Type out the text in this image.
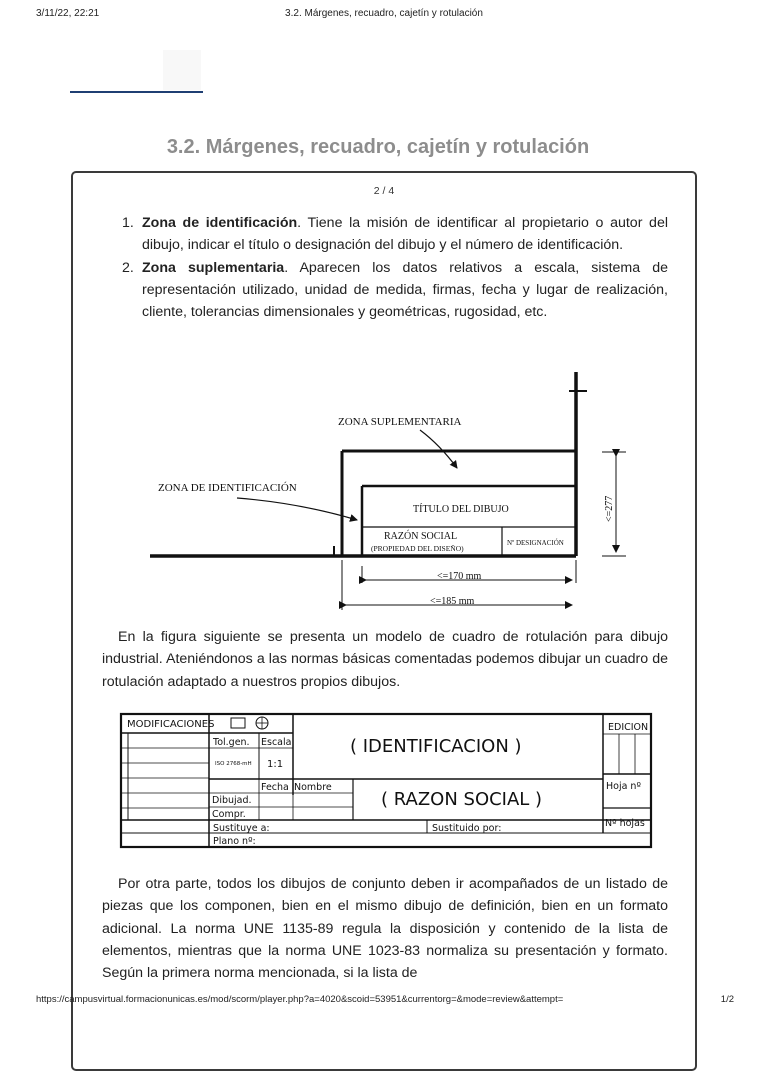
3/11/22, 22:21	3.2. Márgenes, recuadro, cajetín y rotulación
3.2. Márgenes, recuadro, cajetín y rotulación
2 / 4
1. Zona de identificación. Tiene la misión de identificar al propietario o autor del dibujo, indicar el título o designación del dibujo y el número de identificación.
2. Zona suplementaria. Aparecen los datos relativos a escala, sistema de representación utilizado, unidad de medida, firmas, fecha y lugar de realización, cliente, tolerancias dimensionales y geométricas, rugosidad, etc.
ZONA SUPLEMENTARIA
ZONA DE IDENTIFICACIÓN
TÍTULO DEL DIBUJO
RAZÓN SOCIAL
(PROPIEDAD DEL DISEÑO)
Nº DESIGNACIÓN
<=170 mm
<=185 mm
<=277
En la figura siguiente se presenta un modelo de cuadro de rotulación para dibujo industrial. Ateniéndonos a las normas básicas comentadas podemos dibujar un cuadro de rotulación adaptado a nuestros propios dibujos.
MODIFICACIONES
Tol.gen. Escala
ISO 2768-mH 1:1
( IDENTIFICACION )
EDICION
Fecha Nombre
( RAZON SOCIAL )
Hoja nº
Dibujad.
Compr.
Nº hojas
Sustituye a:	Sustituido por:
Plano nº:
Por otra parte, todos los dibujos de conjunto deben ir acompañados de un listado de piezas que los componen, bien en el mismo dibujo de definición, bien en un formato adicional. La norma UNE 1135-89 regula la disposición y contenido de la lista de elementos, mientras que la norma UNE 1023-83 normaliza su presentación y formato. Según la primera norma mencionada, si la lista de
https://campusvirtual.formacionunicas.es/mod/scorm/player.php?a=4020&scoid=53951&currentorg=&mode=review&attempt=	1/2
